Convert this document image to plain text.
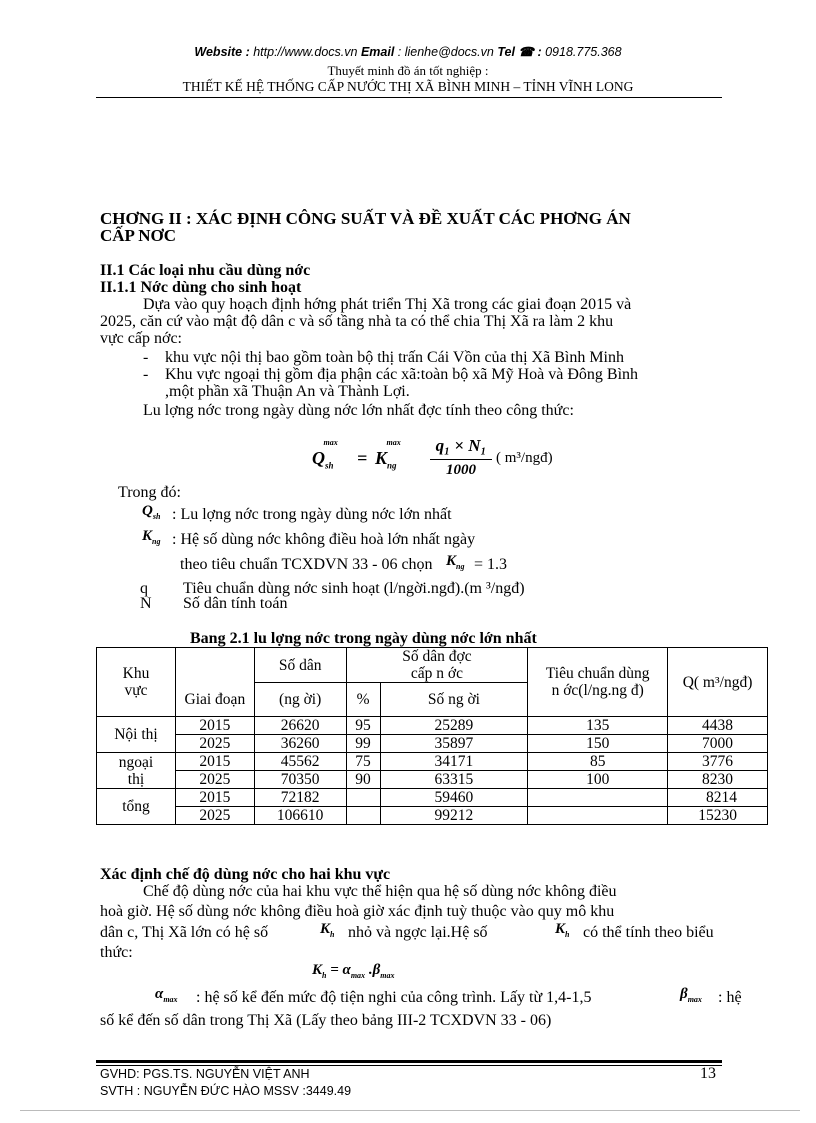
Website : http://www.docs.vn Email : lienhe@docs.vn Tel ☎ : 0918.775.368
Thuyết minh đồ án tốt nghiệp :
THIẾT KẾ HỆ THỐNG CẤP NƯỚC THỊ XÃ BÌNH MINH – TỈNH VĨNH LONG
CHƠNG II : XÁC ĐỊNH CÔNG SUẤT VÀ ĐỀ XUẤT CÁC PHƠNG ÁN
CẤP NƠC
II.1 Các loại nhu cầu dùng nớc
II.1.1 Nớc dùng cho sinh hoạt
Dựa vào quy hoạch định hớng phát triển Thị Xã trong các giai đoạn 2015 và
2025, căn cứ vào mật độ dân c và số tầng nhà ta có thể chia Thị Xã ra làm 2 khu
vực cấp nớc:
- khu vực nội thị bao gồm toàn bộ thị trấn Cái Vồn của thị Xã Bình Minh
- Khu vực ngoại thị gồm địa phận các xã:toàn bộ xã Mỹ Hoà và Đông Bình
,một phần xã Thuận An và Thành Lợi.
Lu lợng nớc trong ngày dùng nớc lớn nhất đợc tính theo công thức:
$Q_{sh}^{max}$
= $K_{ng}^{max}$	q₁ × N₁
1000
( m³/ngđ)
Trong đó:
$Q_{sh}$ : Lu lợng nớc trong ngày dùng nớc lớn nhất
$K_{ng}$ : Hệ số dùng nớc không điều hoà lớn nhất ngày
theo tiêu chuẩn TCXDVN 33 - 06 chọn $K_{ng} = 1.3$
q Tiêu chuẩn dùng nớc sinh hoạt (l/ngời.ngđ).(m ³/ngđ)
N Số dân tính toán
Bang 2.1 lu lợng nớc trong ngày dùng nớc lớn nhất
Khu vực		Số dân	Số dân đợc cấp n ớc		Tiêu chuẩn dùng n ớc(l/ng.ng đ)	Q( m³/ngđ)

	Giai đoạn	(ng ời)	%	Số ng ời		
Nội thị	2015	26620	95	25289	135	4438
	2025	36260	99	35897	150	7000
ngoại thị	2015	45562	75	34171	85	3776
	2025	70350	90	63315	100	8230
tổng	2015	72182		59460		8214
	2025	106610		99212		15230
Xác định chế độ dùng nớc cho hai khu vực
Chế độ dùng nớc của hai khu vực thể hiện qua hệ số dùng nớc không điều
hoà giờ. Hệ số dùng nớc không điều hoà giờ xác định tuỳ thuộc vào quy mô khu
dân c, Thị Xã lớn có hệ số	$K_h$ nhỏ và ngợc lại.Hệ số	$K_h$ có thể tính theo biểu
thức:
$K_h = \alpha_{max}$ $.\beta_{max}$
$\alpha_{max}$ : hệ số kể đến mức độ tiện nghi của công trình. Lấy từ 1,4-1,5	$\beta_{max}$ : hệ
số kể đến số dân trong Thị Xã (Lấy theo bảng III-2 TCXDVN 33 - 06)
GVHD: PGS.TS. NGUYỄN VIỆT ANH
SVTH : NGUYỄN ĐỨC HÀO MSSV :3449.49
13
